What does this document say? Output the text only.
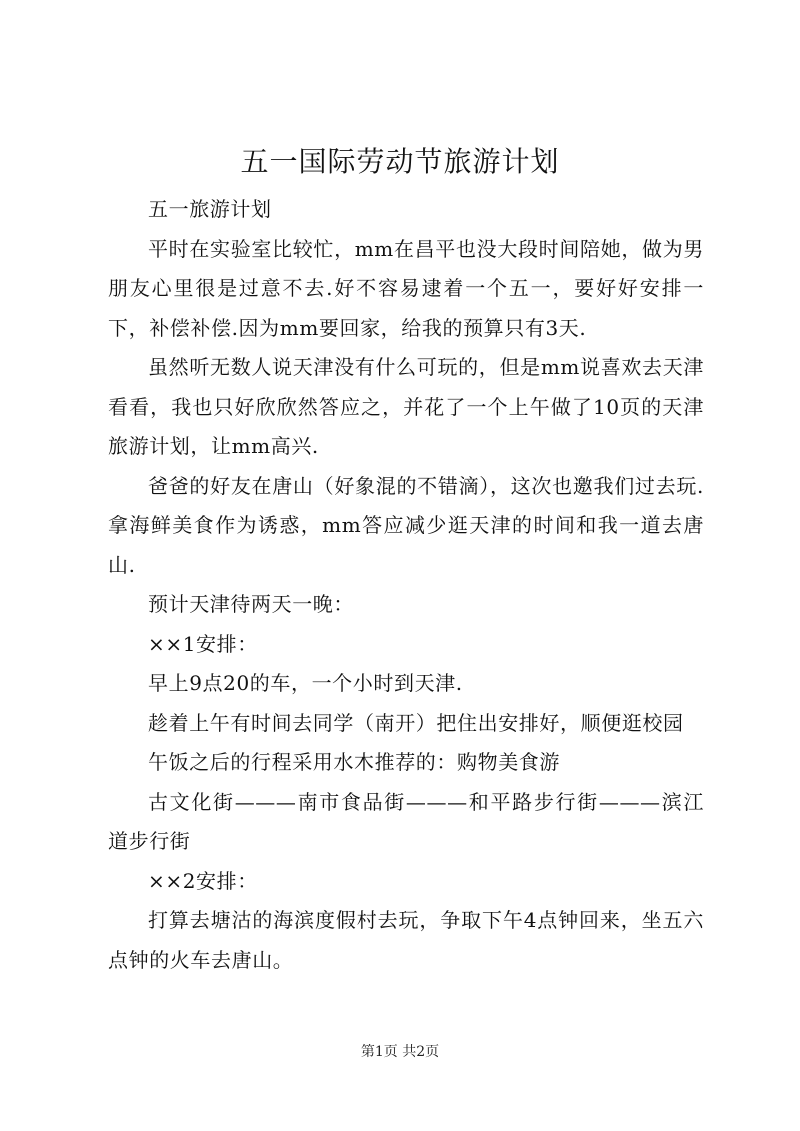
五一国际劳动节旅游计划

五一旅游计划

平时在实验室比较忙，mm在昌平也没大段时间陪她，做为男朋友心里很是过意不去.好不容易逮着一个五一，要好好安排一下，补偿补偿.因为mm要回家，给我的预算只有3天.

虽然听无数人说天津没有什么可玩的，但是mm说喜欢去天津看看，我也只好欣欣然答应之，并花了一个上午做了10页的天津旅游计划，让mm高兴.

爸爸的好友在唐山（好象混的不错滴），这次也邀我们过去玩.拿海鲜美食作为诱惑，mm答应减少逛天津的时间和我一道去唐山.

预计天津待两天一晚：

××1安排：

早上9点20的车，一个小时到天津.

趁着上午有时间去同学（南开）把住出安排好，顺便逛校园

午饭之后的行程采用水木推荐的：购物美食游

古文化街———南市食品街———和平路步行街———滨江道步行街

××2安排：

打算去塘沽的海滨度假村去玩，争取下午4点钟回来，坐五六点钟的火车去唐山。

第1页 共2页
